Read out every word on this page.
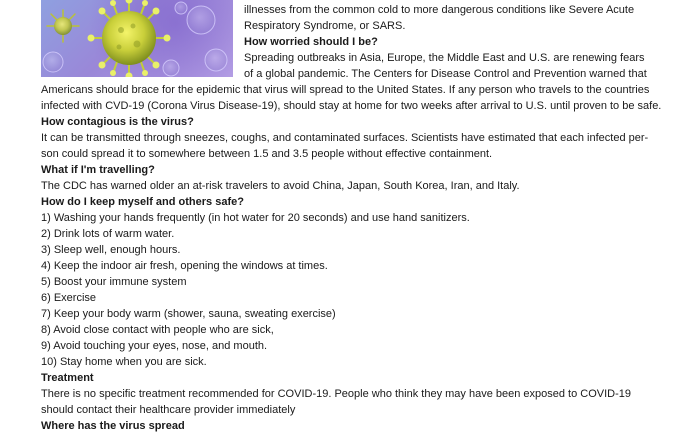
illnesses from the common cold to more dangerous conditions like Severe Acute
Respiratory Syndrome, or SARS.
How worried should I be?
Spreading outbreaks in Asia, Europe, the Middle East and U.S. are renewing fears
of a global pandemic. The Centers for Disease Control and Prevention warned that
Americans should brace for the epidemic that virus will spread to the United States. If any person who travels to the countries
infected with CVD-19 (Corona Virus Disease-19), should stay at home for two weeks after arrival to U.S. until proven to be safe.
How contagious is the virus?
It can be transmitted through sneezes, coughs, and contaminated surfaces. Scientists have estimated that each infected per-
son could spread it to somewhere between 1.5 and 3.5 people without effective containment.
What if I'm travelling?
The CDC has warned older an at-risk travelers to avoid China, Japan, South Korea, Iran, and Italy.
How do I keep myself and others safe?
1) Washing your hands frequently (in hot water for 20 seconds) and use hand sanitizers.
2) Drink lots of warm water.
3) Sleep well, enough hours.
4) Keep the indoor air fresh, opening the windows at times.
5) Boost your immune system
6) Exercise
7) Keep your body warm (shower, sauna, sweating exercise)
8) Avoid close contact with people who are sick,
9) Avoid touching your eyes, nose, and mouth.
10) Stay home when you are sick.
Treatment
There is no specific treatment recommended for COVID-19. People who think they may have been exposed to COVID-19
should contact their healthcare provider immediately
Where has the virus spread
